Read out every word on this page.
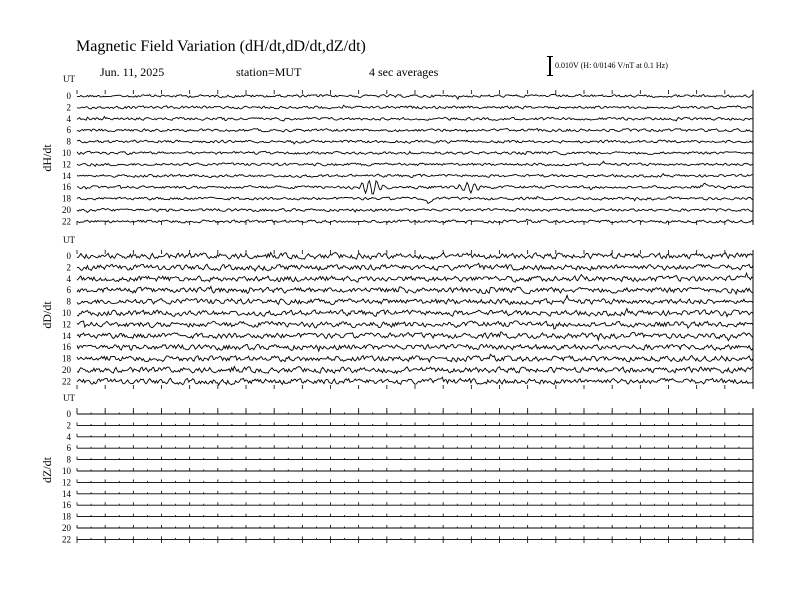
Magnetic Field Variation (dH/dt,dD/dt,dZ/dt)
Jun. 11, 2025	station=MUT	4 sec averages	0.010V (H: 0/0146 V/nT at 0.1 Hz)
UT
dH/dt
0
2
4
6
8
10
12
14
16
18
20
22
UT
dD/dt
0
2
4
6
8
10
12
14
16
18
20
22
UT
dZ/dt
0
2
4
6
8
10
12
14
16
18
20
22
